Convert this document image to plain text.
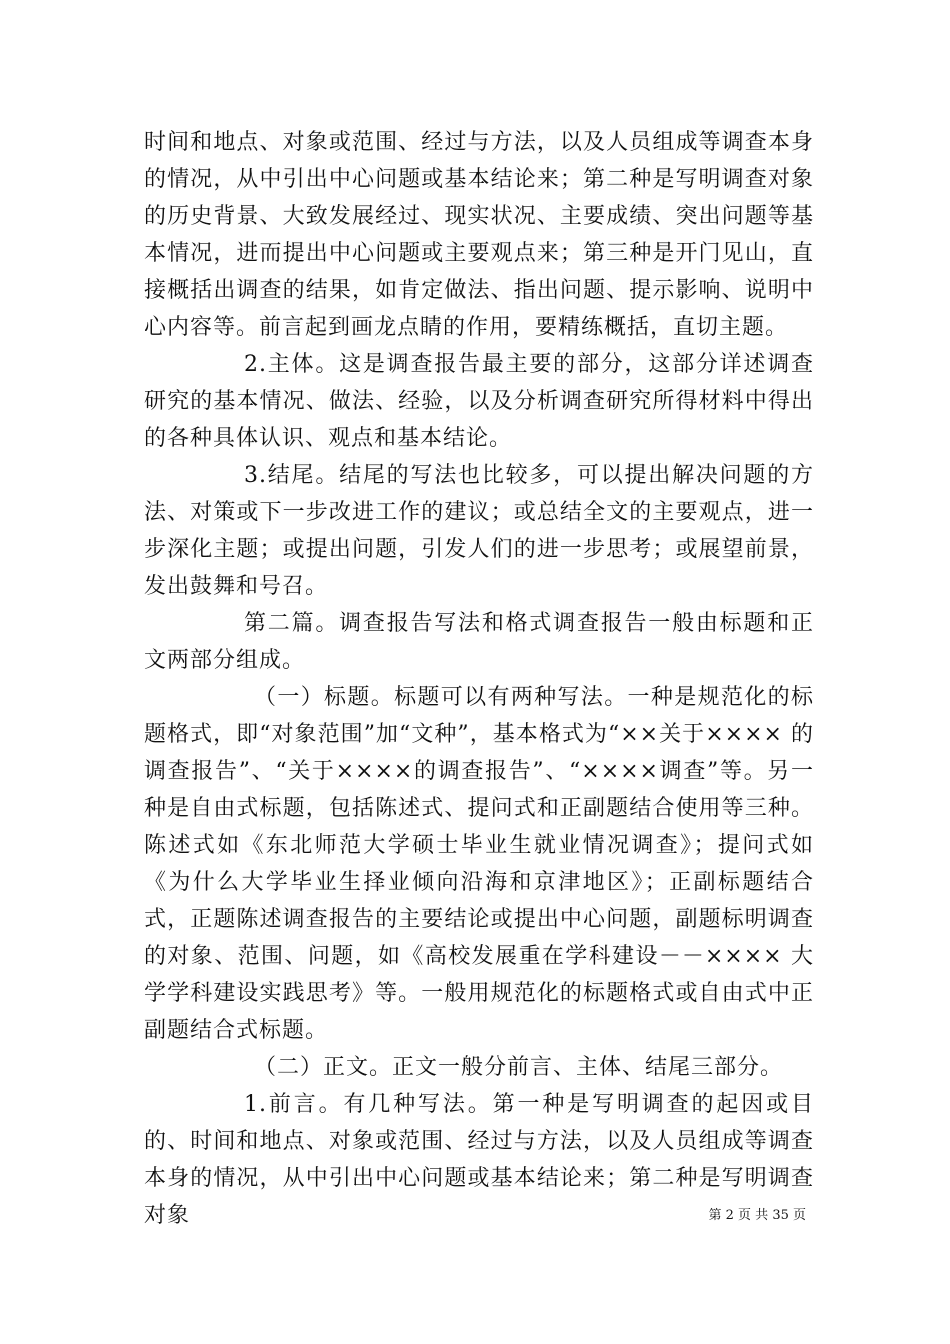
时间和地点、对象或范围、经过与方法，以及人员组成等调查本身的情况，从中引出中心问题或基本结论来；第二种是写明调查对象的历史背景、大致发展经过、现实状况、主要成绩、突出问题等基本情况，进而提出中心问题或主要观点来；第三种是开门见山，直接概括出调查的结果，如肯定做法、指出问题、提示影响、说明中心内容等。前言起到画龙点睛的作用，要精练概括，直切主题。

2.主体。这是调查报告最主要的部分，这部分详述调查研究的基本情况、做法、经验，以及分析调查研究所得材料中得出的各种具体认识、观点和基本结论。

3.结尾。结尾的写法也比较多，可以提出解决问题的方法、对策或下一步改进工作的建议；或总结全文的主要观点，进一步深化主题；或提出问题，引发人们的进一步思考；或展望前景，发出鼓舞和号召。

第二篇。调查报告写法和格式调查报告一般由标题和正文两部分组成。

（一）标题。标题可以有两种写法。一种是规范化的标题格式，即“对象范围”加“文种”，基本格式为“××关于×××× 的调查报告”、“关于××××的调查报告”、“××××调查”等。另一种是自由式标题，包括陈述式、提问式和正副题结合使用等三种。陈述式如《东北师范大学硕士毕业生就业情况调查》；提问式如《为什么大学毕业生择业倾向沿海和京津地区》；正副标题结合式，正题陈述调查报告的主要结论或提出中心问题，副题标明调查的对象、范围、问题，如《高校发展重在学科建设－－×××× 大学学科建设实践思考》等。一般用规范化的标题格式或自由式中正副题结合式标题。

（二）正文。正文一般分前言、主体、结尾三部分。

1.前言。有几种写法。第一种是写明调查的起因或目的、时间和地点、对象或范围、经过与方法，以及人员组成等调查本身的情况，从中引出中心问题或基本结论来；第二种是写明调查对象	第 2 页 共 35 页
